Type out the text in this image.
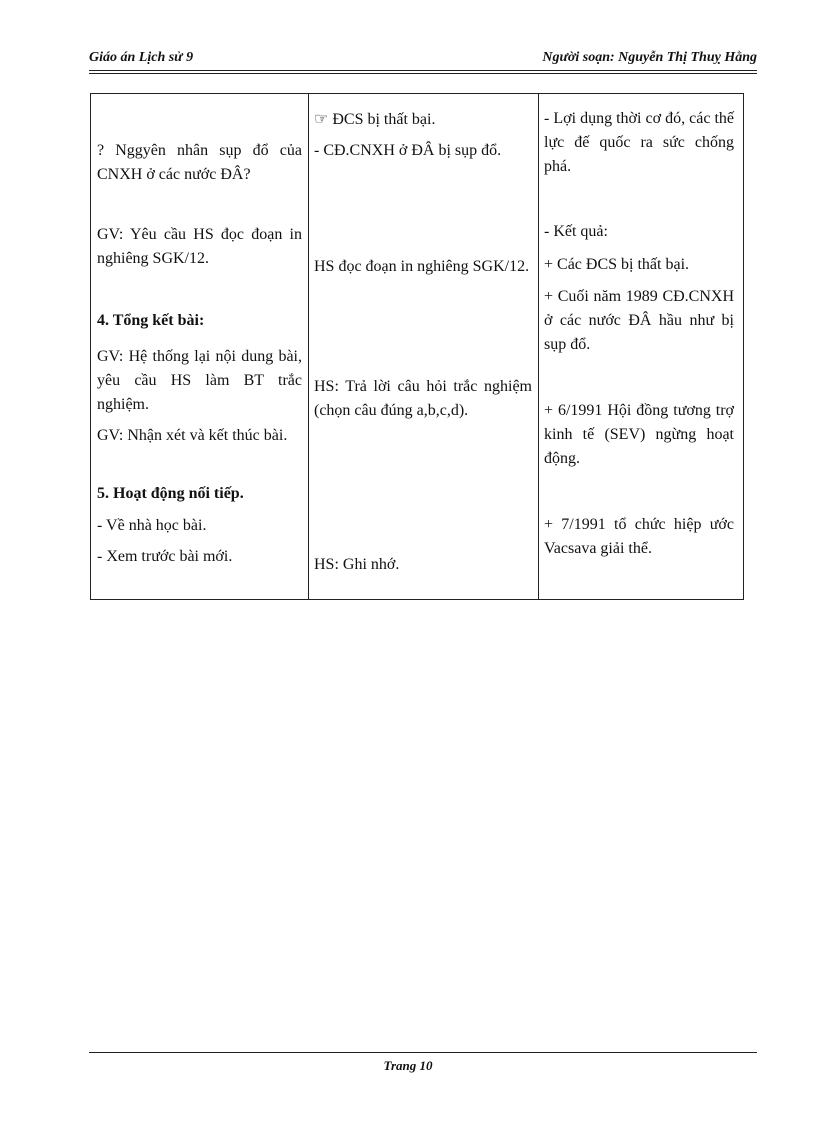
Giáo án Lịch sử 9	Người soạn: Nguyễn Thị Thuỵ Hằng

? Nggyên nhân sụp đổ của CNXH ở các nước ĐÂ?

GV: Yêu cầu HS đọc đoạn in nghiêng SGK/12.

4. Tổng kết bài:

GV: Hệ thống lại nội dung bài, yêu cầu HS làm BT trắc nghiệm.

GV: Nhận xét và kết thúc bài.

5. Hoạt động nối tiếp.

- Về nhà học bài.

- Xem trước bài mới.

☞ ĐCS bị thất bại.

- CĐ.CNXH ở ĐÂ bị sụp đổ.

HS đọc đoạn in nghiêng SGK/12.

HS: Trả lời câu hỏi trắc nghiệm (chọn câu đúng a,b,c,d).

HS: Ghi nhớ.

- Lợi dụng thời cơ đó, các thế lực đế quốc ra sức chống phá.

- Kết quả:

+ Các ĐCS bị thất bại.

+ Cuối năm 1989 CĐ.CNXH ở các nước ĐÂ hầu như bị sụp đổ.

+ 6/1991 Hội đồng tương trợ kinh tế (SEV) ngừng hoạt động.

+ 7/1991 tổ chức hiệp ước Vacsava giải thể.

Trang 10
